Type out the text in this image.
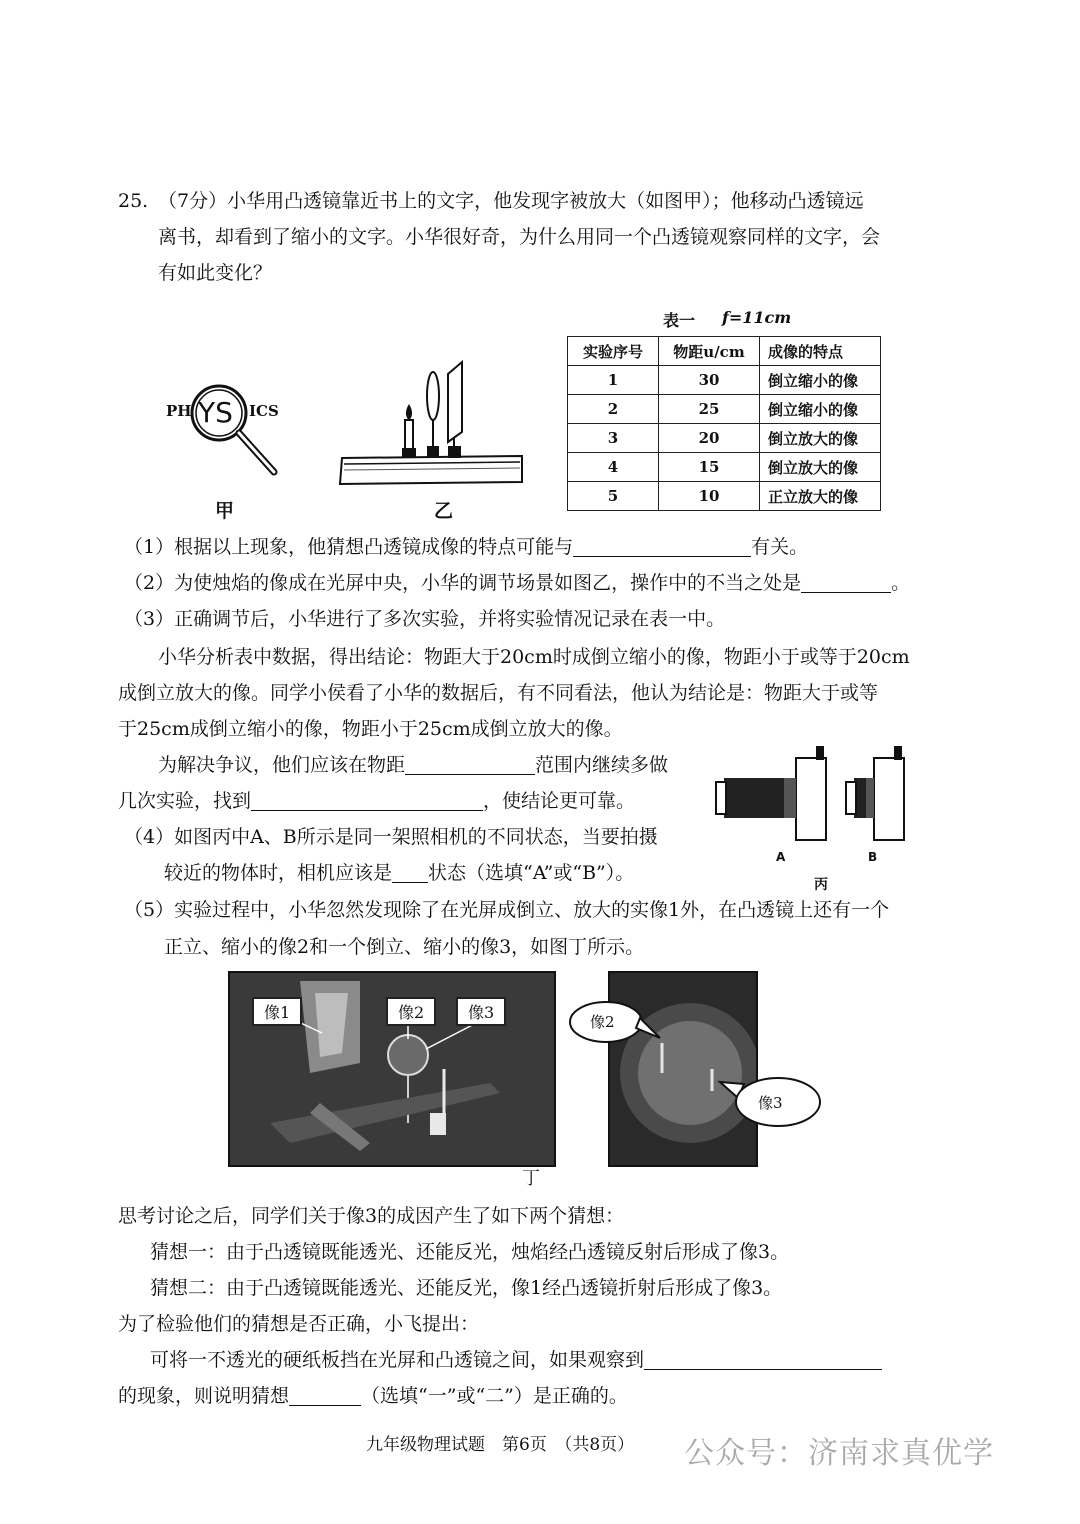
25. （7分）小华用凸透镜靠近书上的文字，他发现字被放大（如图甲）；他移动凸透镜远
离书，却看到了缩小的文字。小华很好奇，为什么用同一个凸透镜观察同样的文字，会
有如此变化？
PH YS ICS
甲	乙
表一 f=11cm
实验序号	物距u/cm	成像的特点
1	30	倒立缩小的像
2	25	倒立缩小的像
3	20	倒立放大的像
4	15	倒立放大的像
5	10	正立放大的像
（1）根据以上现象，他猜想凸透镜成像的特点可能与	有关。
（2）为使烛焰的像成在光屏中央，小华的调节场景如图乙，操作中的不当之处是	。
（3）正确调节后，小华进行了多次实验，并将实验情况记录在表一中。
小华分析表中数据，得出结论：物距大于20cm时成倒立缩小的像，物距小于或等于20cm
成倒立放大的像。同学小侯看了小华的数据后，有不同看法，他认为结论是：物距大于或等
于25cm成倒立缩小的像，物距小于25cm成倒立放大的像。
为解决争议，他们应该在物距	范围内继续多做
几次实验，找到	，使结论更可靠。
A	B
丙
（4）如图丙中A、B所示是同一架照相机的不同状态，当要拍摄
较近的物体时，相机应该是 状态（选填“A”或“B”）。
（5）实验过程中，小华忽然发现除了在光屏成倒立、放大的实像1外，在凸透镜上还有一个
正立、缩小的像2和一个倒立、缩小的像3，如图丁所示。
像1	像2	像3	像2
像3
丁
思考讨论之后，同学们关于像3的成因产生了如下两个猜想：
猜想一：由于凸透镜既能透光、还能反光，烛焰经凸透镜反射后形成了像3。
猜想二：由于凸透镜既能透光、还能反光，像1经凸透镜折射后形成了像3。
为了检验他们的猜想是否正确，小飞提出：
可将一不透光的硬纸板挡在光屏和凸透镜之间，如果观察到
的现象，则说明猜想	（选填“一”或“二”）是正确的。
九年级物理试题　第6页　（共8页） 公众号：济南求真优学
